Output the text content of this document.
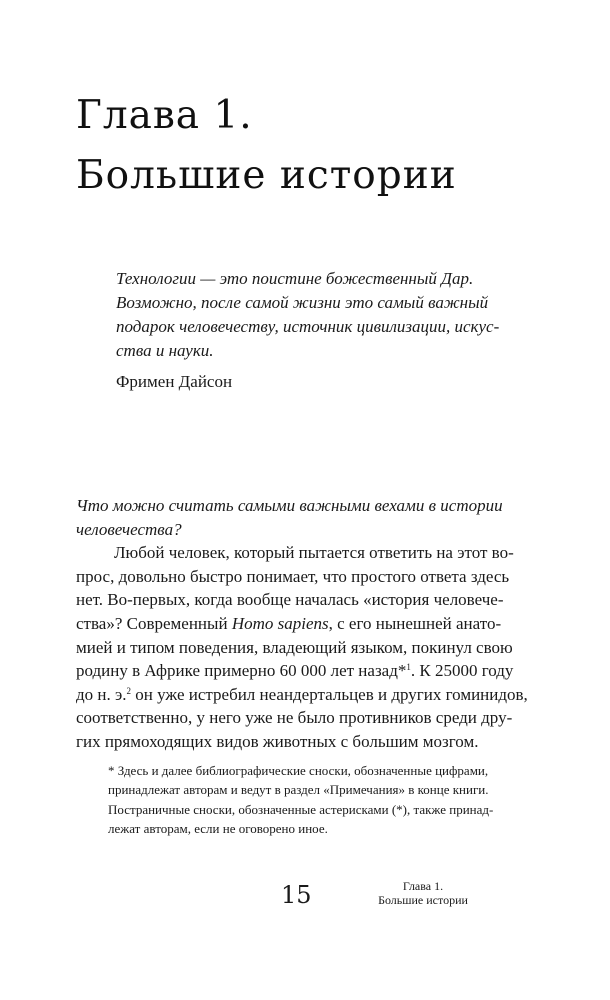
Глава 1.
Большие истории
Технологии — это поистине божественный Дар.
Возможно, после самой жизни это самый важный
подарок человечеству, источник цивилизации, искус-
ства и науки.
Фримен Дайсон
Что можно считать самыми важными вехами в истории
человечества?
Любой человек, который пытается ответить на этот во-
прос, довольно быстро понимает, что простого ответа здесь
нет. Во-первых, когда вообще началась «история человече-
ства»? Современный Homo sapiens, с его нынешней анато-
мией и типом поведения, владеющий языком, покинул свою
родину в Африке примерно 60 000 лет назад*$^1$. К 25000 году
до н. э.$^2$ он уже истребил неандертальцев и других гоминидов,
соответственно, у него уже не было противников среди дру-
гих прямоходящих видов животных с большим мозгом.
* Здесь и далее библиографические сноски, обозначенные цифрами,
принадлежат авторам и ведут в раздел «Примечания» в конце книги.
Постраничные сноски, обозначенные астерисками (*), также принад-
лежат авторам, если не оговорено иное.
15	Глава 1.
Большие истории
